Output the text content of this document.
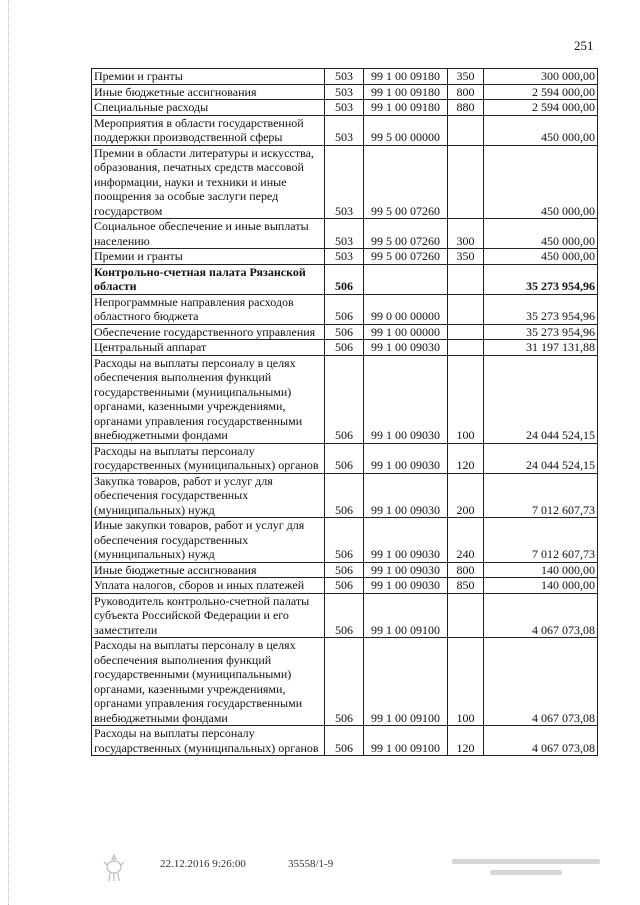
251
Премии и гранты	503	99 1 00 09180	350	300 000,00
Иные бюджетные ассигнования	503	99 1 00 09180	800	2 594 000,00
Специальные расходы	503	99 1 00 09180	880	2 594 000,00
Мероприятия в области государственной поддержки производственной сферы	503	99 5 00 00000		450 000,00
Премии в области литературы и искусства, образования, печатных средств массовой информации, науки и техники и иные поощрения за особые заслуги перед государством	503	99 5 00 07260		450 000,00
Социальное обеспечение и иные выплаты населению	503	99 5 00 07260	300	450 000,00
Премии и гранты	503	99 5 00 07260	350	450 000,00
Контрольно-счетная палата Рязанской области	506			35 273 954,96
Непрограммные направления расходов областного бюджета	506	99 0 00 00000		35 273 954,96
Обеспечение государственного управления	506	99 1 00 00000		35 273 954,96
Центральный аппарат	506	99 1 00 09030		31 197 131,88
Расходы на выплаты персоналу в целях обеспечения выполнения функций государственными (муниципальными) органами, казенными учреждениями, органами управления государственными внебюджетными фондами	506	99 1 00 09030	100	24 044 524,15
Расходы на выплаты персоналу государственных (муниципальных) органов	506	99 1 00 09030	120	24 044 524,15
Закупка товаров, работ и услуг для обеспечения государственных (муниципальных) нужд	506	99 1 00 09030	200	7 012 607,73
Иные закупки товаров, работ и услуг для обеспечения государственных (муниципальных) нужд	506	99 1 00 09030	240	7 012 607,73
Иные бюджетные ассигнования	506	99 1 00 09030	800	140 000,00
Уплата налогов, сборов и иных платежей	506	99 1 00 09030	850	140 000,00
Руководитель контрольно-счетной палаты субъекта Российской Федерации и его заместители	506	99 1 00 09100		4 067 073,08
Расходы на выплаты персоналу в целях обеспечения выполнения функций государственными (муниципальными) органами, казенными учреждениями, органами управления государственными внебюджетными фондами	506	99 1 00 09100	100	4 067 073,08
Расходы на выплаты персоналу государственных (муниципальных) органов	506	99 1 00 09100	120	4 067 073,08
22.12.2016 9:26:00	35558/1-9
